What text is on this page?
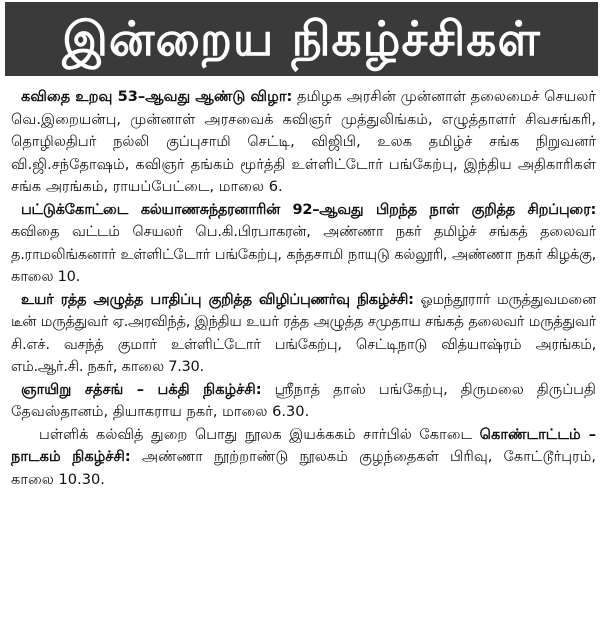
இன்றைய நிகழ்ச்சிகள்

கவிதை உறவு 53–ஆவது ஆண்டு விழா: தமிழக அரசின் முன்னாள் தலைமைச் செயலர் வெ.இறையன்பு, முன்னாள் அரசவைக் கவிஞர் முத்துலிங்கம், எழுத்தாளர் சிவசங்கரி, தொழிலதிபர் நல்லி குப்புசாமி செட்டி, விஜிபி, உலக தமிழ்ச் சங்க நிறுவனர் வி.ஜி.சந்தோஷம், கவிஞர் தங்கம் மூர்த்தி உள்ளிட்டோர் பங்கேற்பு, இந்திய அதிகாரிகள் சங்க அரங்கம், ராயப்பேட்டை, மாலை 6.

பட்டுக்கோட்டை கல்யாணசுந்தரனாரின் 92–ஆவது பிறந்த நாள் குறித்த சிறப்புரை: கவிதை வட்டம் செயலர் பெ.கி.பிரபாகரன், அண்ணா நகர் தமிழ்ச் சங்கத் தலைவர் த.ராமலிங்கனார் உள்ளிட்டோர் பங்கேற்பு, கந்தசாமி நாயுடு கல்லூரி, அண்ணா நகர் கிழக்கு, காலை 10.

உயர் ரத்த அழுத்த பாதிப்பு குறித்த விழிப்புணர்வு நிகழ்ச்சி: ஓமந்தூரார் மருத்துவமனை டீன் மருத்துவர் ஏ.அரவிந்த், இந்திய உயர் ரத்த அழுத்த சமுதாய சங்கத் தலைவர் மருத்துவர் சி.எச். வசந்த் குமார் உள்ளிட்டோர் பங்கேற்பு, செட்டிநாடு வித்யாஷ்ரம் அரங்கம், எம்.ஆர்.சி. நகர், காலை 7.30.

ஞாயிறு சத்சங் – பக்தி நிகழ்ச்சி: ஸ்ரீநாத் தாஸ் பங்கேற்பு, திருமலை திருப்பதி தேவஸ்தானம், தியாகராய நகர், மாலை 6.30.

பள்ளிக் கல்வித் துறை பொது நூலக இயக்ககம் சார்பில் கோடை கொண்டாட்டம் – நாடகம் நிகழ்ச்சி: அண்ணா நூற்றாண்டு நூலகம் குழந்தைகள் பிரிவு, கோட்டூர்புரம், காலை 10.30.
